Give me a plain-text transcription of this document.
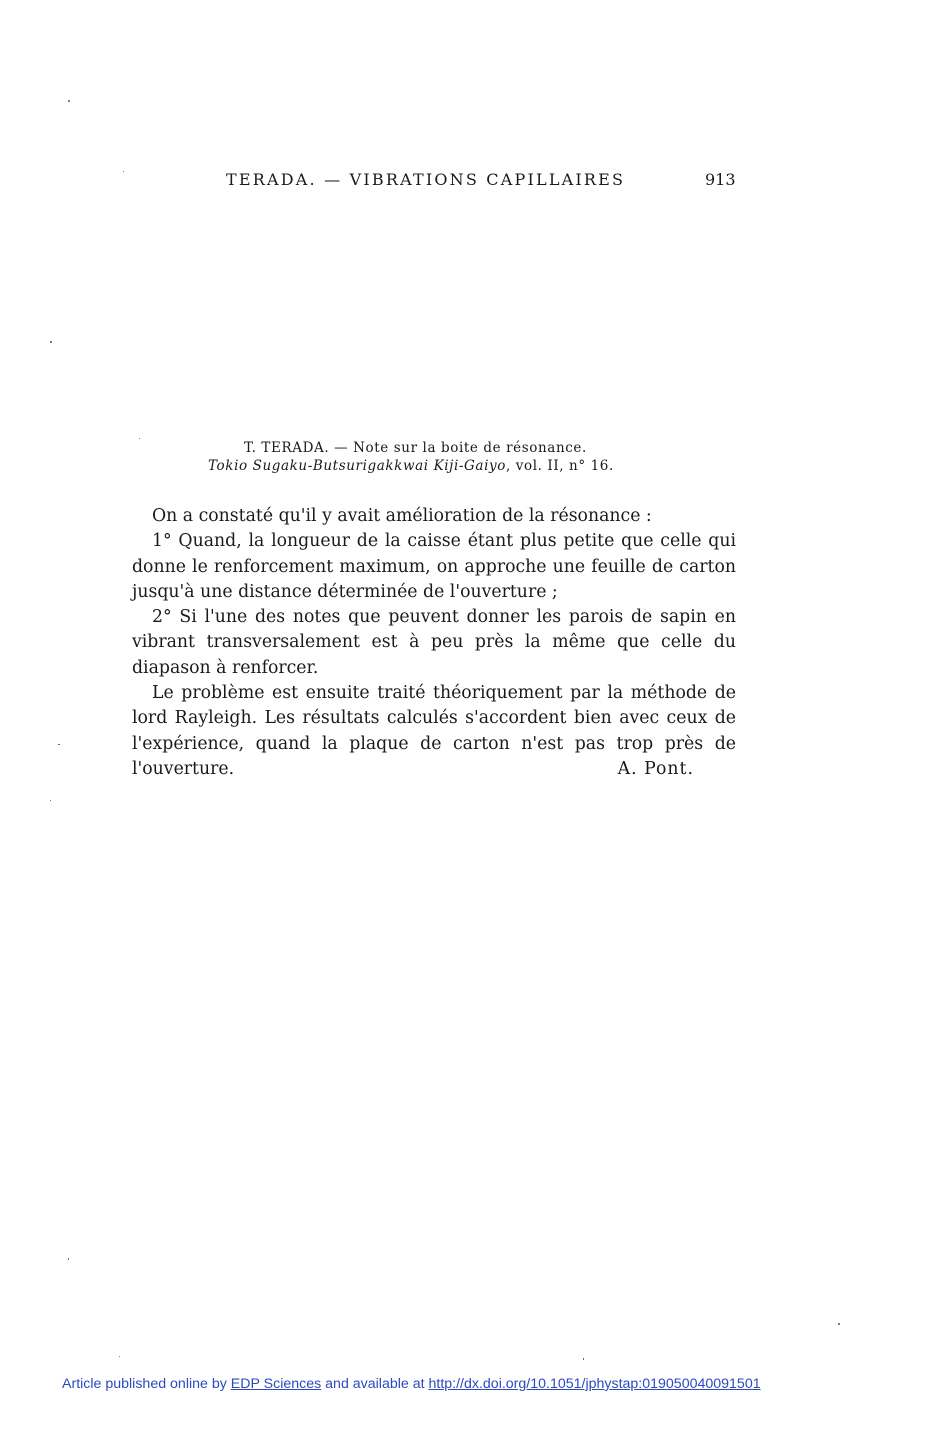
TERADA. — VIBRATIONS CAPILLAIRES	913
T. TERADA. — Note sur la boite de résonance.
Tokio Sugaku-Butsurigakkwai Kiji-Gaiyo, vol. II, n° 16.

On a constaté qu'il y avait amélioration de la résonance :

1° Quand, la longueur de la caisse étant plus petite que celle qui donne le renforcement maximum, on approche une feuille de carton jusqu'à une distance déterminée de l'ouverture ;

2° Si l'une des notes que peuvent donner les parois de sapin en vibrant transversalement est à peu près la même que celle du diapason à renforcer.

Le problème est ensuite traité théoriquement par la méthode de lord Rayleigh. Les résultats calculés s'accordent bien avec ceux de l'expérience, quand la plaque de carton n'est pas trop près de l'ouverture.	A. Pont.
Article published online by EDP Sciences and available at http://dx.doi.org/10.1051/jphystap:019050040091501
